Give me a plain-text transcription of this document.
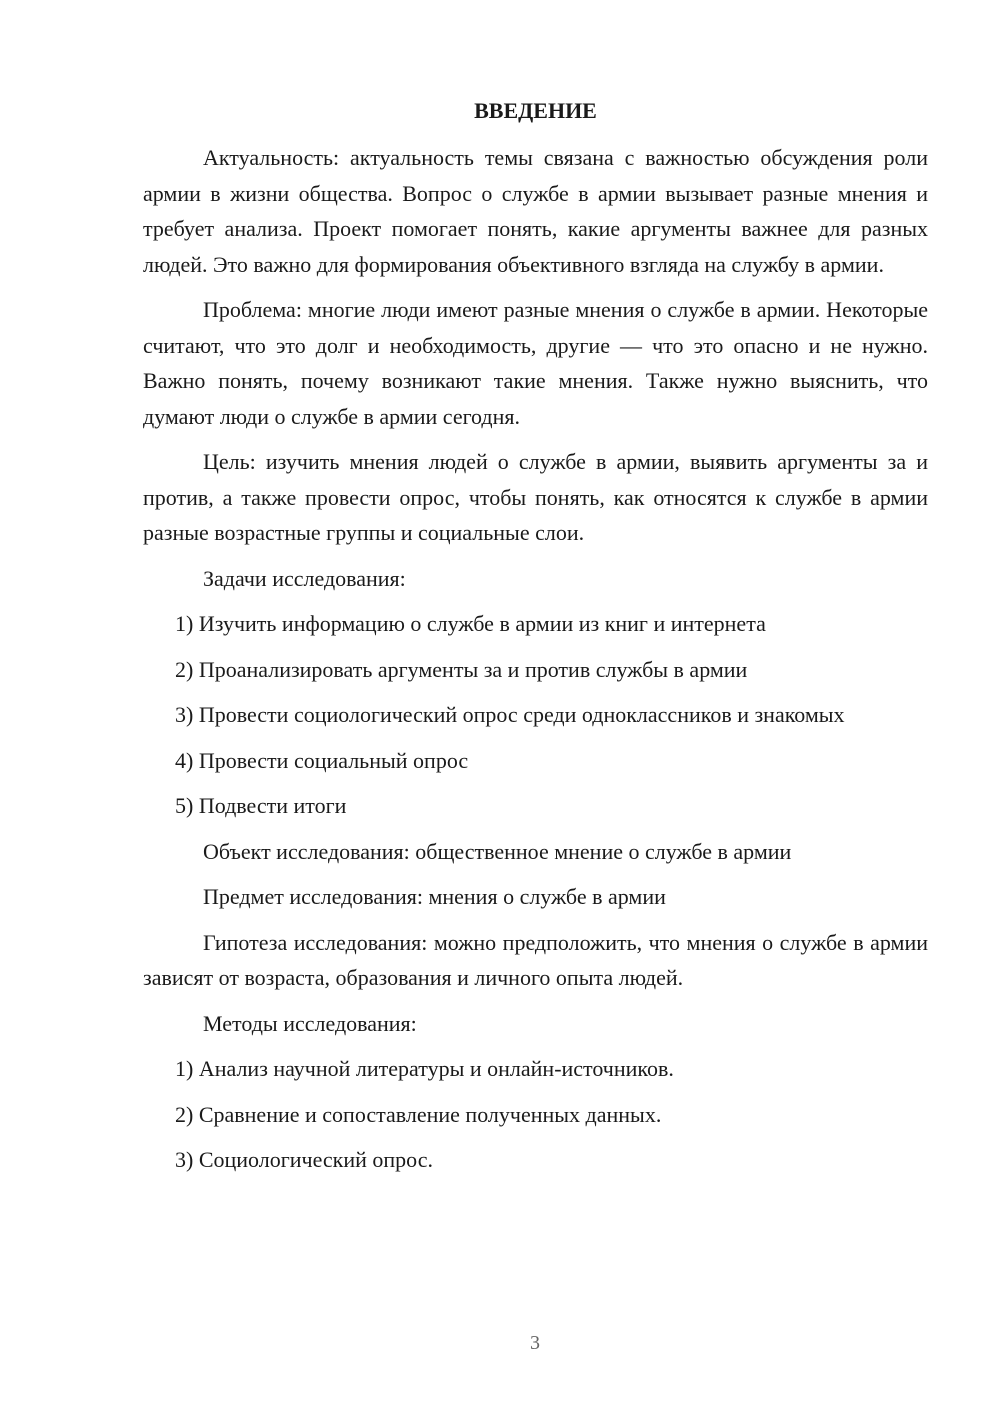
ВВЕДЕНИЕ

Актуальность: актуальность темы связана с важностью обсуждения роли армии в жизни общества. Вопрос о службе в армии вызывает разные мнения и требует анализа. Проект помогает понять, какие аргументы важнее для разных людей. Это важно для формирования объективного взгляда на службу в армии.

Проблема: многие люди имеют разные мнения о службе в армии. Некоторые считают, что это долг и необходимость, другие — что это опасно и не нужно. Важно понять, почему возникают такие мнения. Также нужно выяснить, что думают люди о службе в армии сегодня.

Цель: изучить мнения людей о службе в армии, выявить аргументы за и против, а также провести опрос, чтобы понять, как относятся к службе в армии разные возрастные группы и социальные слои.

Задачи исследования:

1) Изучить информацию о службе в армии из книг и интернета

2) Проанализировать аргументы за и против службы в армии

3) Провести социологический опрос среди одноклассников и знакомых

4) Провести социальный опрос

5) Подвести итоги

Объект исследования: общественное мнение о службе в армии

Предмет исследования: мнения о службе в армии

Гипотеза исследования: можно предположить, что мнения о службе в армии зависят от возраста, образования и личного опыта людей.

Методы исследования:

1) Анализ научной литературы и онлайн-источников.

2) Сравнение и сопоставление полученных данных.

3) Социологический опрос.

3
